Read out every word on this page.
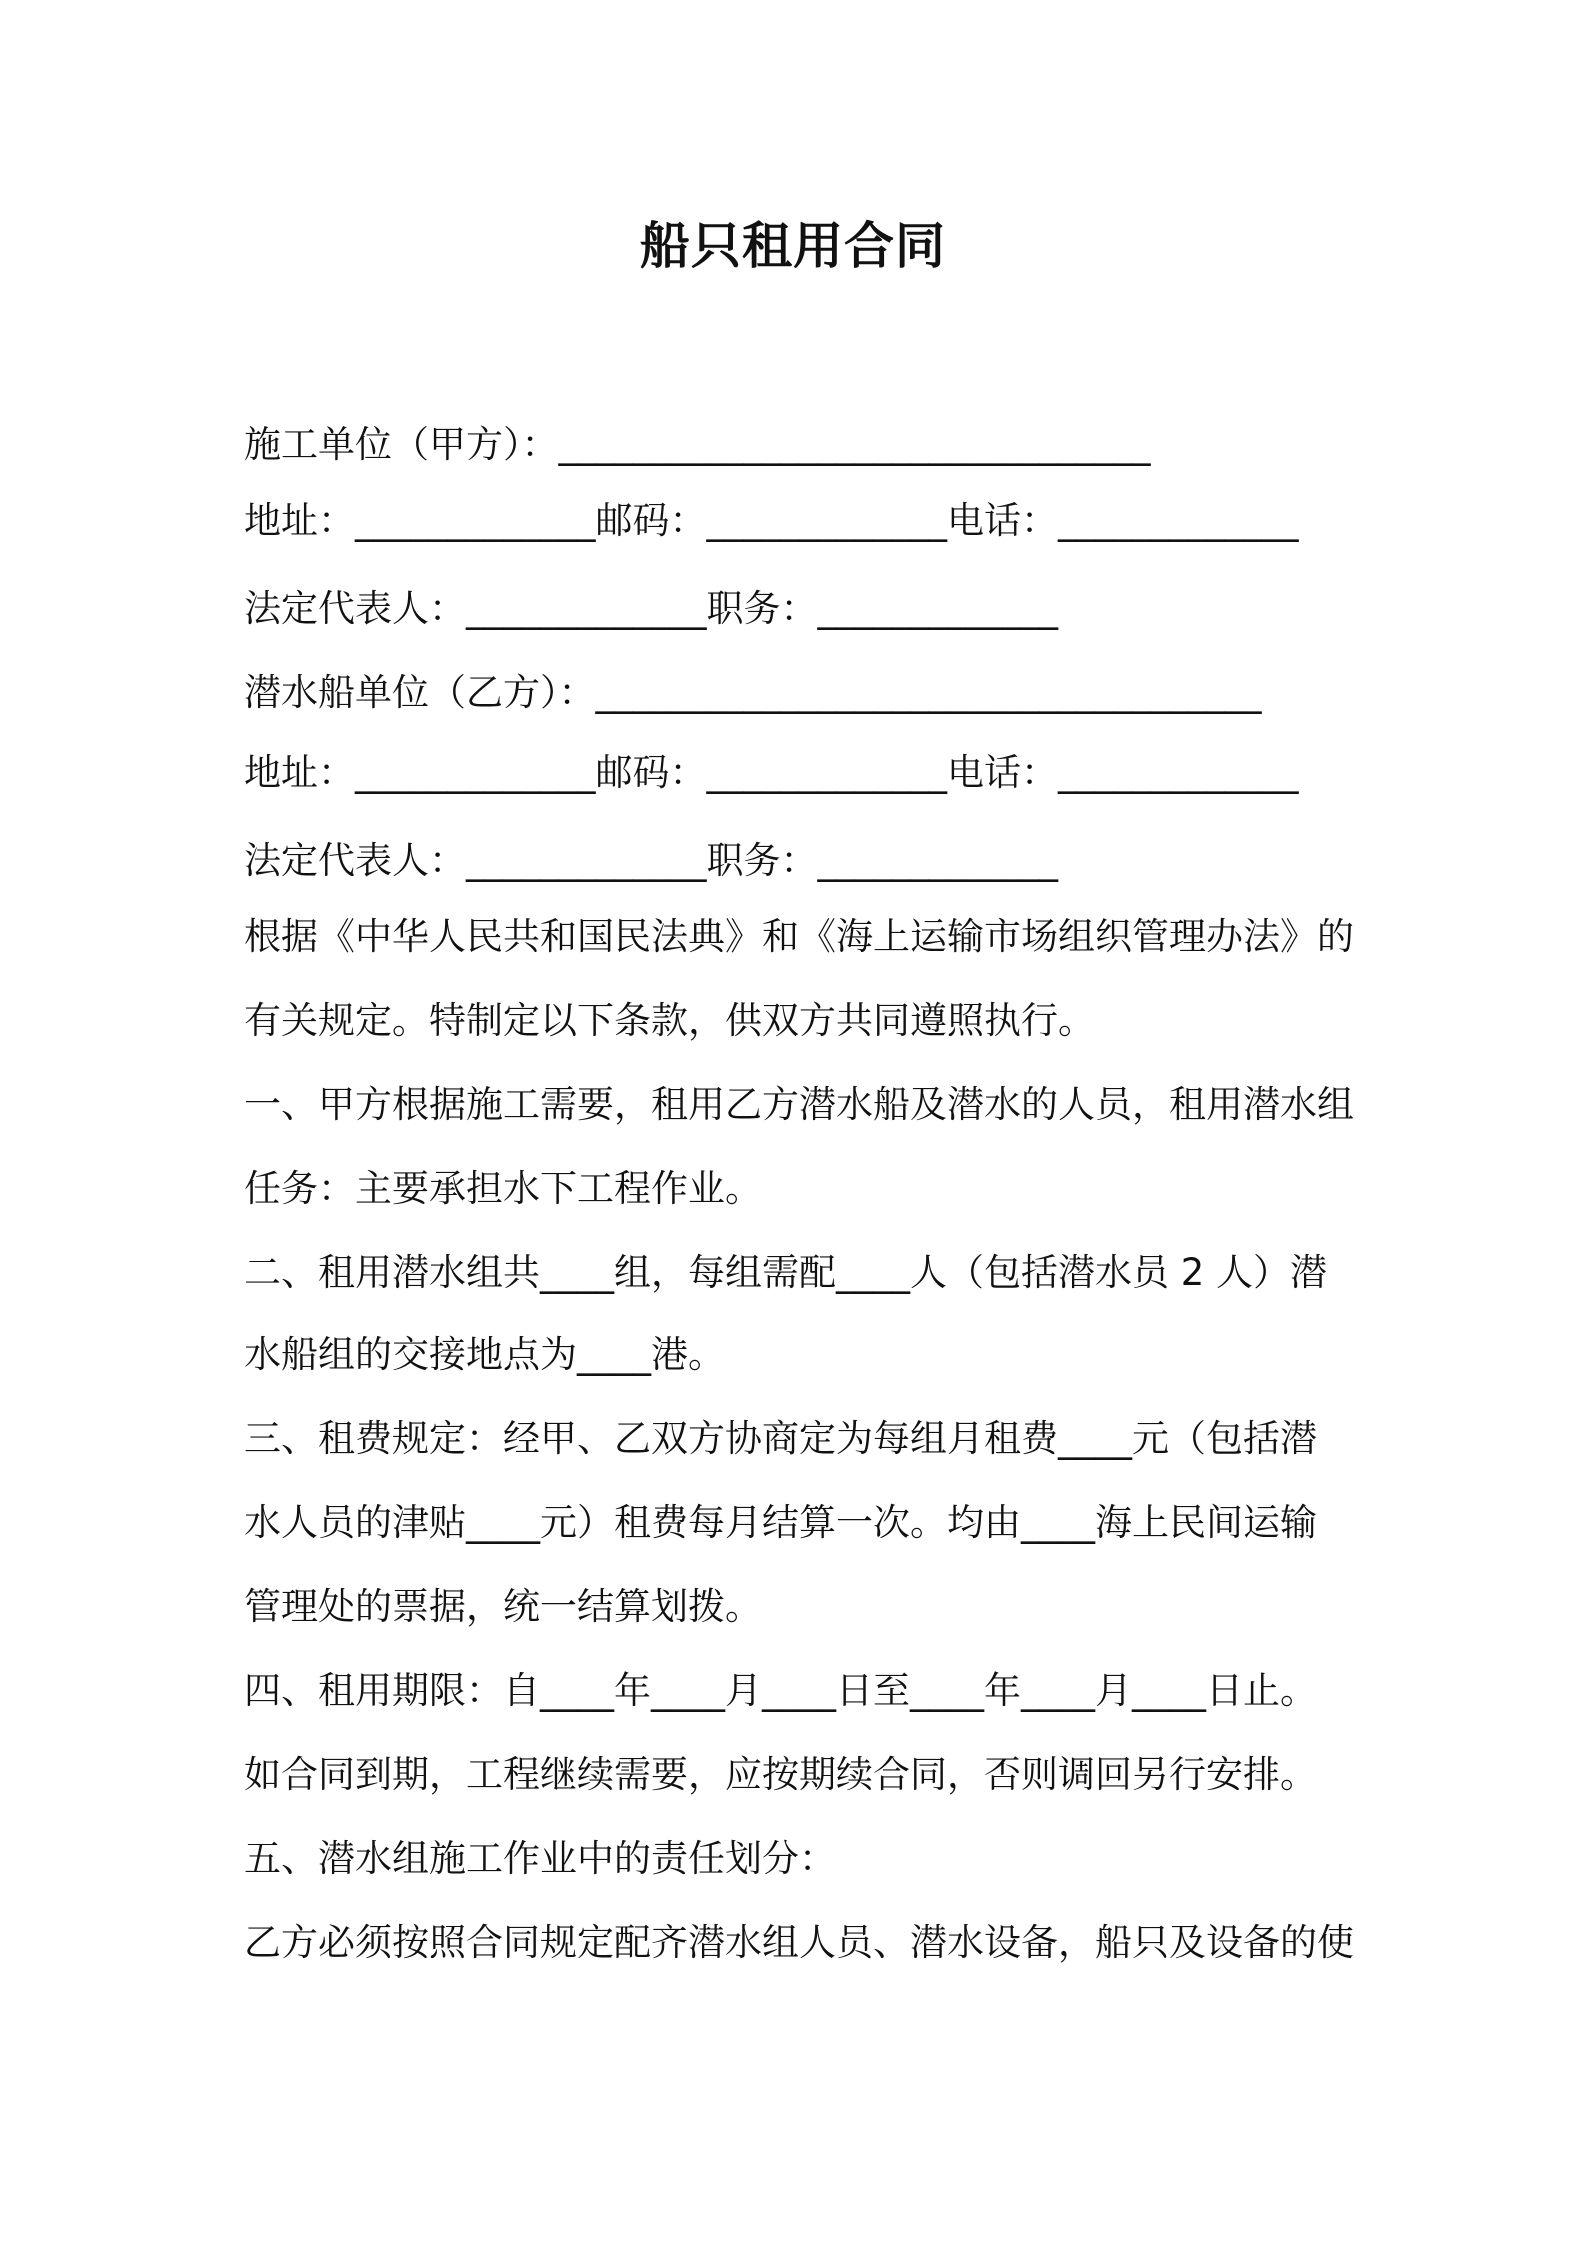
船只租用合同
施工单位（甲方）：________________________________
地址：_____________邮码：_____________电话：_____________
法定代表人：_____________职务：_____________
潜水船单位（乙方）：____________________________________
地址：_____________邮码：_____________电话：_____________
法定代表人：_____________职务：_____________
根据《中华人民共和国民法典》和《海上运输市场组织管理办法》的
有关规定。特制定以下条款，供双方共同遵照执行。
一、甲方根据施工需要，租用乙方潜水船及潜水的人员，租用潜水组
任务：主要承担水下工程作业。
二、租用潜水组共____组，每组需配____人（包括潜水员 2 人）潜
水船组的交接地点为____港。
三、租费规定：经甲、乙双方协商定为每组月租费____元（包括潜
水人员的津贴____元）租费每月结算一次。均由____海上民间运输
管理处的票据，统一结算划拨。
四、租用期限：自____年____月____日至____年____月____日止。
如合同到期，工程继续需要，应按期续合同，否则调回另行安排。
五、潜水组施工作业中的责任划分：
乙方必须按照合同规定配齐潜水组人员、潜水设备，船只及设备的使
